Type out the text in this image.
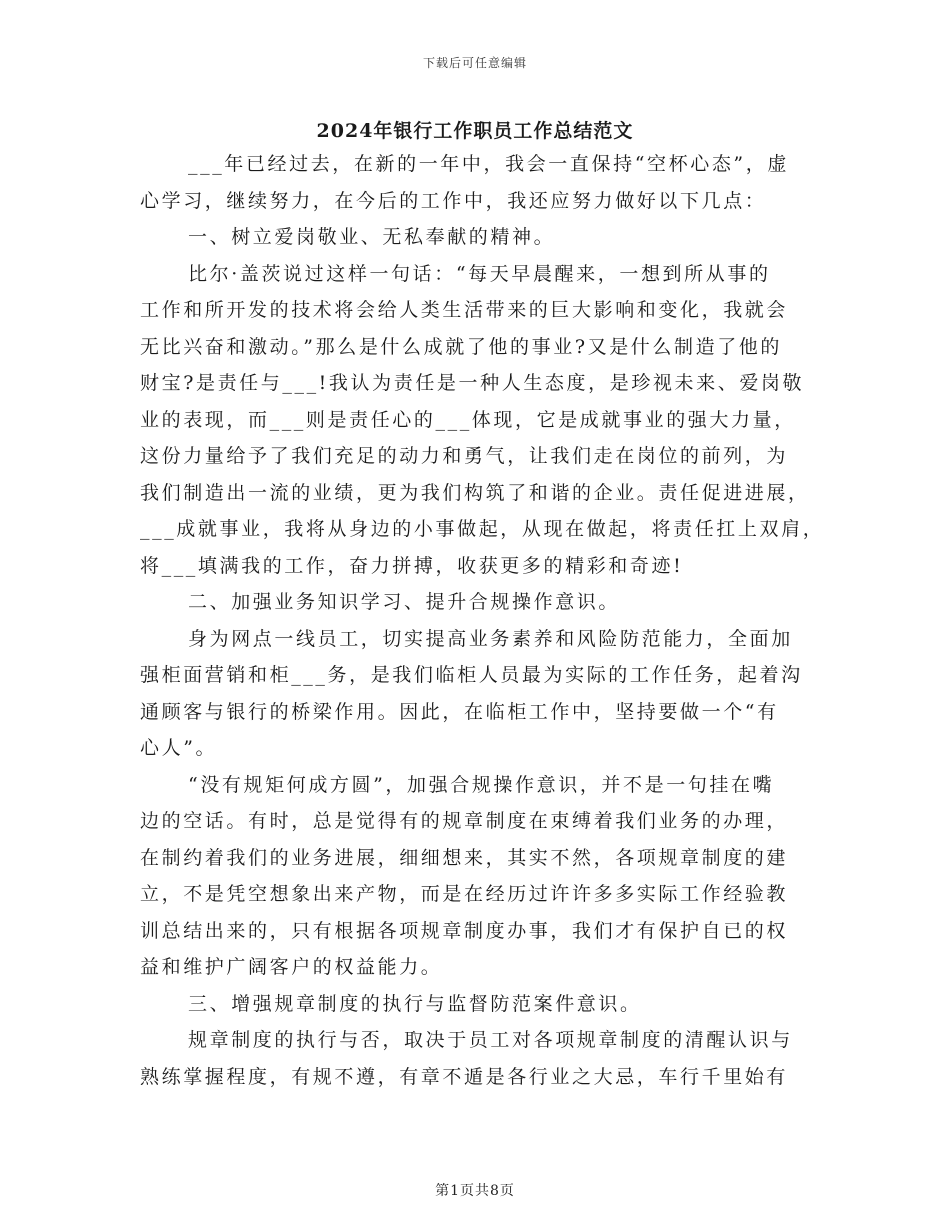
下载后可任意编辑
2024年银行工作职员工作总结范文
___年已经过去，在新的一年中，我会一直保持“空杯心态”，虚
心学习，继续努力，在今后的工作中，我还应努力做好以下几点：
一、树立爱岗敬业、无私奉献的精神。
比尔·盖茨说过这样一句话：“每天早晨醒来，一想到所从事的
工作和所开发的技术将会给人类生活带来的巨大影响和变化，我就会
无比兴奋和激动。”那么是什么成就了他的事业?又是什么制造了他的
财宝?是责任与___!我认为责任是一种人生态度，是珍视未来、爱岗敬
业的表现，而___则是责任心的___体现，它是成就事业的强大力量，
这份力量给予了我们充足的动力和勇气，让我们走在岗位的前列，为
我们制造出一流的业绩，更为我们构筑了和谐的企业。责任促进进展，
___成就事业，我将从身边的小事做起，从现在做起，将责任扛上双肩，
将___填满我的工作，奋力拼搏，收获更多的精彩和奇迹!
二、加强业务知识学习、提升合规操作意识。
身为网点一线员工，切实提高业务素养和风险防范能力，全面加
强柜面营销和柜___务，是我们临柜人员最为实际的工作任务，起着沟
通顾客与银行的桥梁作用。因此，在临柜工作中，坚持要做一个“有
心人”。
“没有规矩何成方圆”，加强合规操作意识，并不是一句挂在嘴
边的空话。有时，总是觉得有的规章制度在束缚着我们业务的办理，
在制约着我们的业务进展，细细想来，其实不然，各项规章制度的建
立，不是凭空想象出来产物，而是在经历过许许多多实际工作经验教
训总结出来的，只有根据各项规章制度办事，我们才有保护自已的权
益和维护广阔客户的权益能力。
三、增强规章制度的执行与监督防范案件意识。
规章制度的执行与否，取决于员工对各项规章制度的清醒认识与
熟练掌握程度，有规不遵，有章不遁是各行业之大忌，车行千里始有
第1页共8页
